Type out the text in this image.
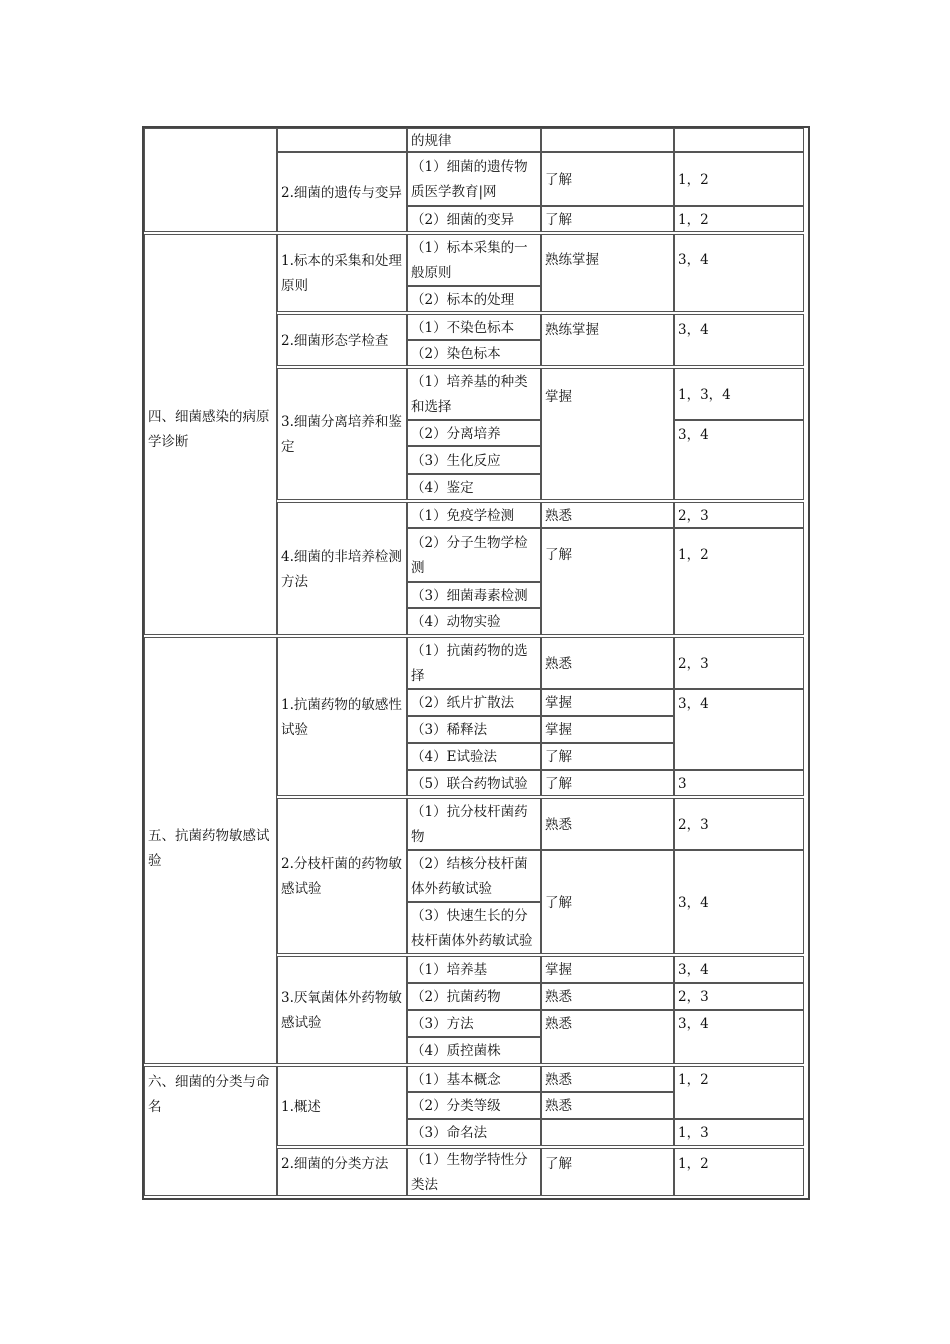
四、细菌感染的病原学诊断
五、抗菌药物敏感试验
六、细菌的分类与命名
2.细菌的遗传与变异
1.标本的采集和处理原则
2.细菌形态学检查
3.细菌分离培养和鉴定
4.细菌的非培养检测方法
1.抗菌药物的敏感性试验
2.分枝杆菌的药物敏感试验
3.厌氧菌体外药物敏感试验
1.概述
2.细菌的分类方法
的规律
（1）细菌的遗传物质医学教育|网
（2）细菌的变异
（1）标本采集的一般原则
（2）标本的处理
（1）不染色标本
（2）染色标本
（1）培养基的种类和选择
（2）分离培养
（3）生化反应
（4）鉴定
（1）免疫学检测
（2）分子生物学检测
（3）细菌毒素检测
（4）动物实验
（1）抗菌药物的选择
（2）纸片扩散法
（3）稀释法
（4）E试验法
（5）联合药物试验
（1）抗分枝杆菌药物
（2）结核分枝杆菌体外药敏试验
（3）快速生长的分枝杆菌体外药敏试验
（1）培养基
（2）抗菌药物
（3）方法
（4）质控菌株
（1）基本概念
（2）分类等级
（3）命名法
（1）生物学特性分类法
了解
了解
熟练掌握
熟练掌握
掌握
熟悉
了解
熟悉
掌握
掌握
了解
了解
熟悉
了解
掌握
熟悉
熟悉
熟悉
熟悉
了解
1，2
1，2
3，4
3，4
1，3，4
3，4
2，3
1，2
2，3
3，4
3
2，3
3，4
3，4
2，3
3，4
1，2
1，3
1，2
